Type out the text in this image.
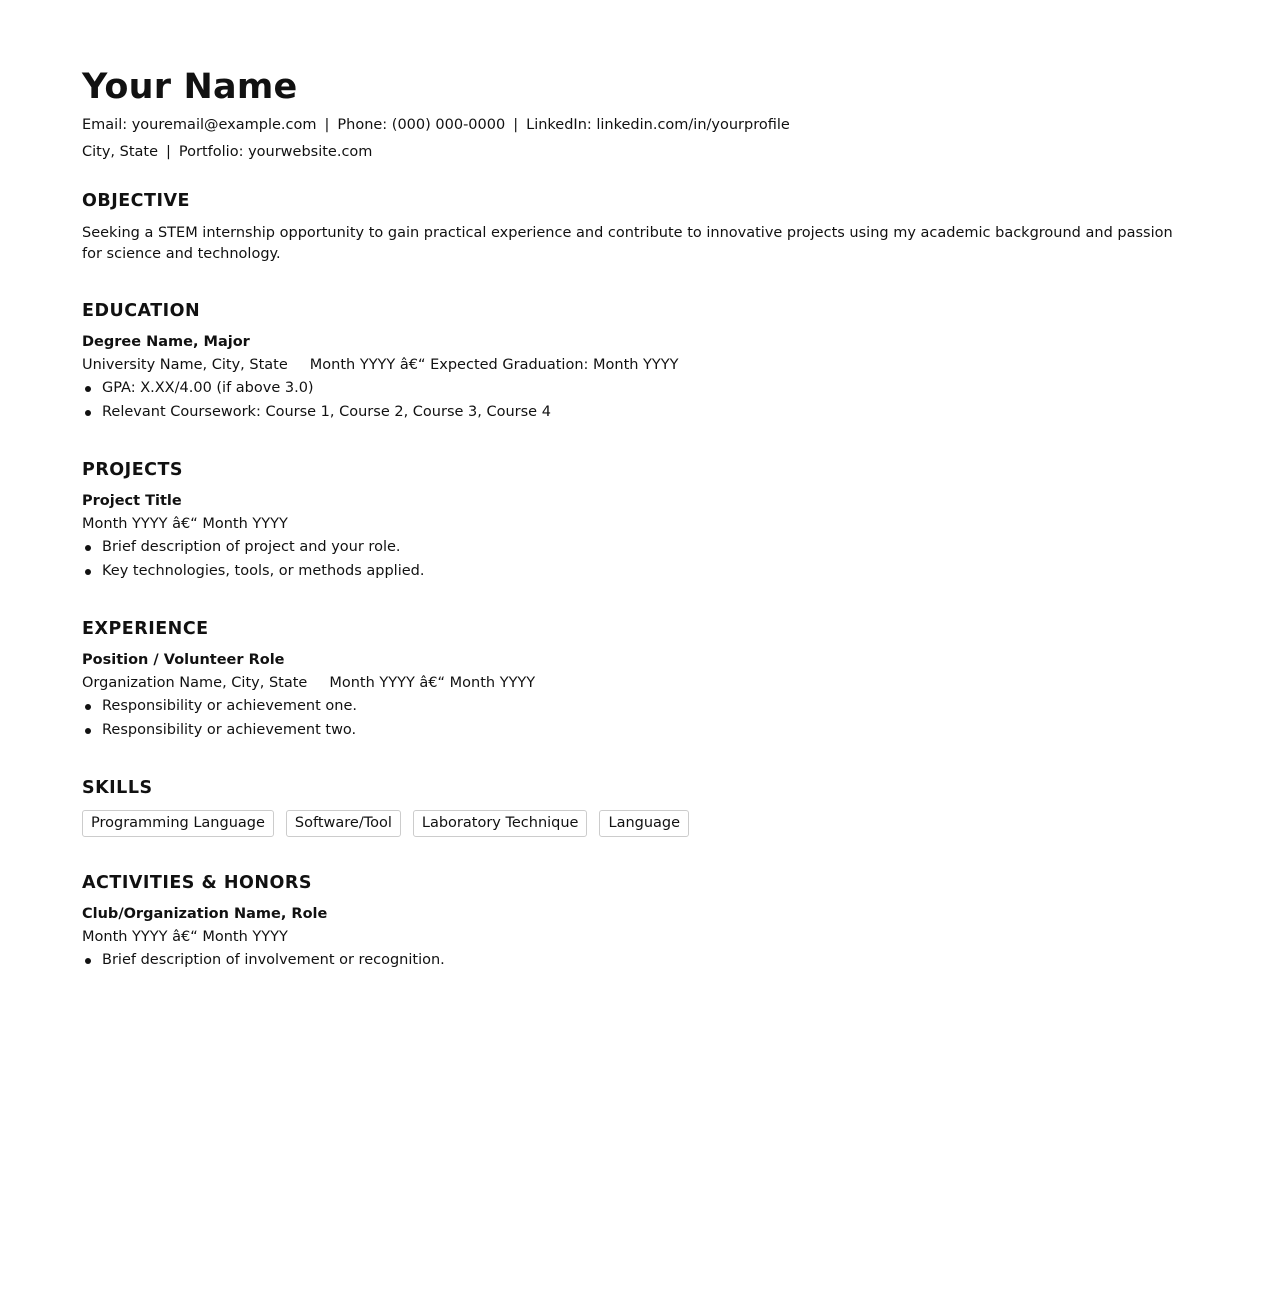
Your Name

Email: youremail@example.com | Phone: (000) 000-0000 | LinkedIn: linkedin.com/in/yourprofile

City, State | Portfolio: yourwebsite.com

OBJECTIVE

Seeking a STEM internship opportunity to gain practical experience and contribute to innovative projects using my academic background and passion for science and technology.

EDUCATION

Degree Name, Major

University Name, City, State Month YYYY â€“ Expected Graduation: Month YYYY

GPA: X.XX/4.00 (if above 3.0)
Relevant Coursework: Course 1, Course 2, Course 3, Course 4
PROJECTS

Project Title

Month YYYY â€“ Month YYYY

Brief description of project and your role.
Key technologies, tools, or methods applied.
EXPERIENCE

Position / Volunteer Role

Organization Name, City, State Month YYYY â€“ Month YYYY

Responsibility or achievement one.
Responsibility or achievement two.
SKILLS
Programming Language	Software/Tool	Laboratory Technique	Language
ACTIVITIES & HONORS

Club/Organization Name, Role

Month YYYY â€“ Month YYYY

Brief description of involvement or recognition.
